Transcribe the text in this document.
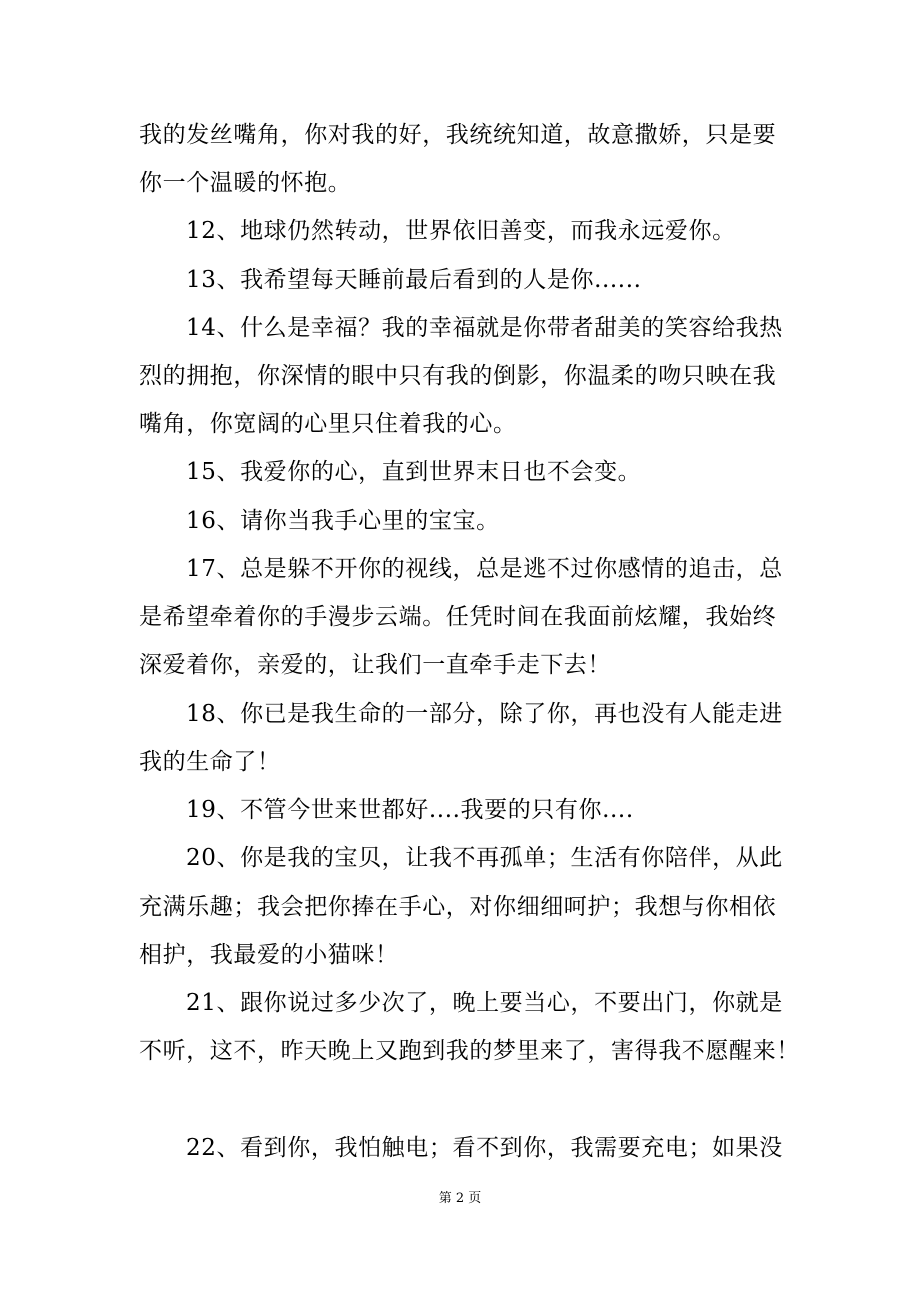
我的发丝嘴角，你对我的好，我统统知道，故意撒娇，只是要
你一个温暖的怀抱。
12、地球仍然转动，世界依旧善变，而我永远爱你。
13、我希望每天睡前最后看到的人是你......
14、什么是幸福？我的幸福就是你带者甜美的笑容给我热
烈的拥抱，你深情的眼中只有我的倒影，你温柔的吻只映在我
嘴角，你宽阔的心里只住着我的心。
15、我爱你的心，直到世界末日也不会变。
16、请你当我手心里的宝宝。
17、总是躲不开你的视线，总是逃不过你感情的追击，总
是希望牵着你的手漫步云端。任凭时间在我面前炫耀，我始终
深爱着你，亲爱的，让我们一直牵手走下去！
18、你已是我生命的一部分，除了你，再也没有人能走进
我的生命了！
19、不管今世来世都好....我要的只有你....
20、你是我的宝贝，让我不再孤单；生活有你陪伴，从此
充满乐趣；我会把你捧在手心，对你细细呵护；我想与你相依
相护，我最爱的小猫咪！
21、跟你说过多少次了，晚上要当心，不要出门，你就是
不听，这不，昨天晚上又跑到我的梦里来了，害得我不愿醒来！
22、看到你，我怕触电；看不到你，我需要充电；如果没
第 2 页
